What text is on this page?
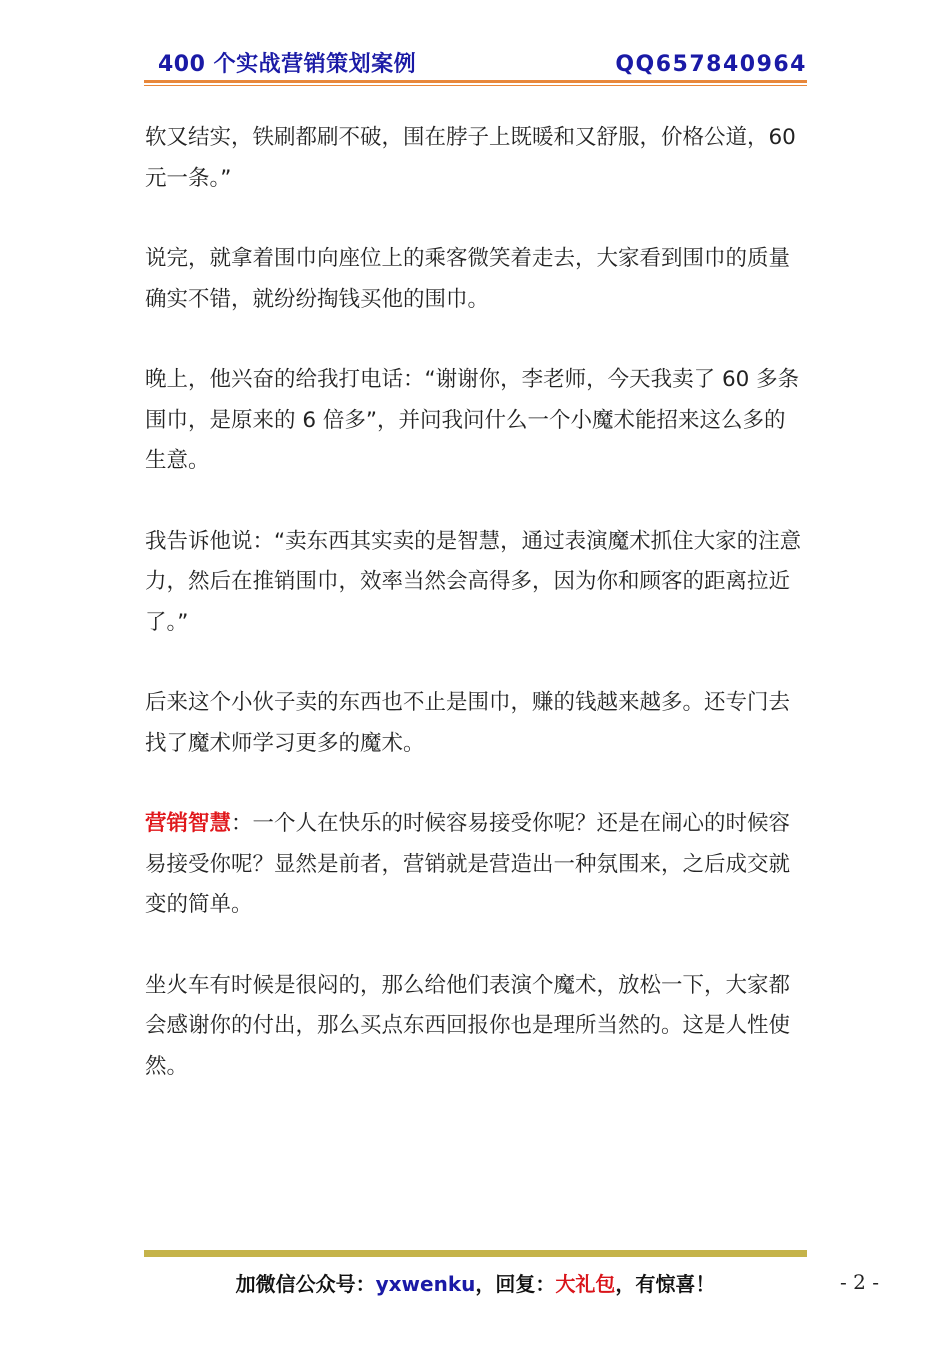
400 个实战营销策划案例	QQ657840964

软又结实，铁刷都刷不破，围在脖子上既暖和又舒服，价格公道，60 元一条。”

说完，就拿着围巾向座位上的乘客微笑着走去，大家看到围巾的质量确实不错，就纷纷掏钱买他的围巾。

晚上，他兴奋的给我打电话：“谢谢你，李老师，今天我卖了 60 多条围巾，是原来的 6 倍多”，并问我问什么一个小魔术能招来这么多的生意。

我告诉他说：“卖东西其实卖的是智慧，通过表演魔术抓住大家的注意力，然后在推销围巾，效率当然会高得多，因为你和顾客的距离拉近了。”

后来这个小伙子卖的东西也不止是围巾，赚的钱越来越多。还专门去找了魔术师学习更多的魔术。

营销智慧：一个人在快乐的时候容易接受你呢？还是在闹心的时候容易接受你呢？显然是前者，营销就是营造出一种氛围来，之后成交就变的简单。

坐火车有时候是很闷的，那么给他们表演个魔术，放松一下，大家都会感谢你的付出，那么买点东西回报你也是理所当然的。这是人性使然。

加微信公众号：yxwenku，回复：大礼包，有惊喜！	- 2 -
